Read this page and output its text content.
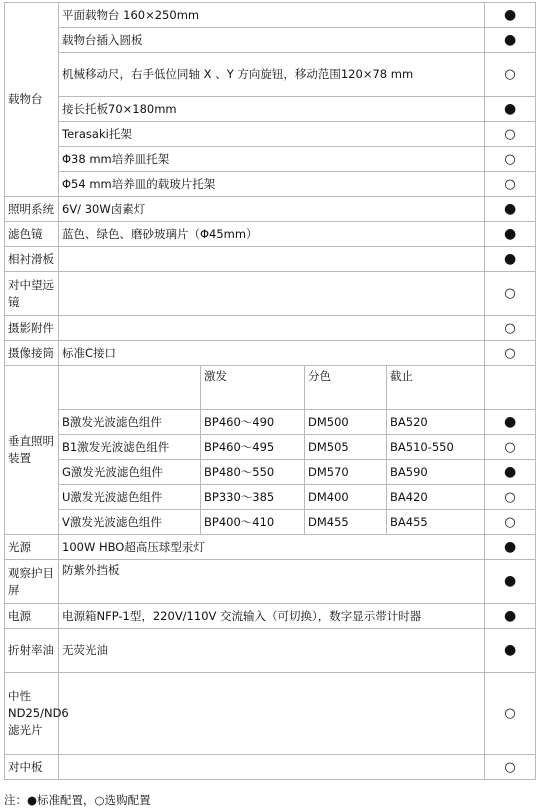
载物台	平面载物台 160×250mm				●
	载物台插入圆板				●
	机械移动尺，右手低位同轴 X 、Y 方向旋钮，移动范围120×78 mm				○
	接长托板70×180mm				●
	Terasaki托架				○
	Φ38 mm培养皿托架				○
	Φ54 mm培养皿的载玻片托架				○
照明系统	6V/ 30W卤素灯				●
滤色镜	蓝色、绿色、磨砂玻璃片（Φ45mm）				●
相衬滑板					●
对中望远镜					○
摄影附件					○
摄像接筒	标准C接口				○
垂直照明装置		激发	分色	截止	
	B激发光波滤色组件	BP460～490	DM500	BA520	●
	B1激发光波滤色组件	BP460～495	DM505	BA510-550	○
	G激发光波滤色组件	BP480～550	DM570	BA590	●
	U激发光波滤色组件	BP330～385	DM400	BA420	○
	V激发光波滤色组件	BP400～410	DM455	BA455	○
光源	100W HBO超高压球型汞灯				●
观察护目屏	防紫外挡板				●
电源	电源箱NFP-1型，220V/110V 交流输入（可切换），数字显示带计时器				●
折射率油	无荧光油				●
中性ND25/ND6滤光片					○
对中板					○
注：●标准配置，○选购配置
